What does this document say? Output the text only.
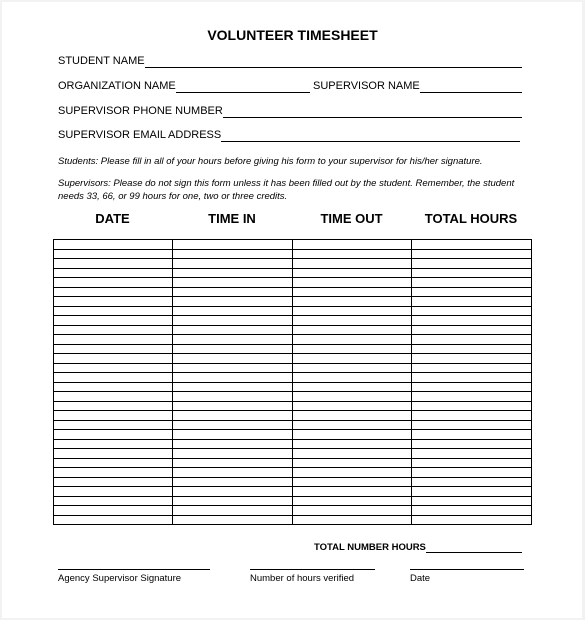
VOLUNTEER TIMESHEET
STUDENT NAME
ORGANIZATION NAME	SUPERVISOR NAME
SUPERVISOR PHONE NUMBER
SUPERVISOR EMAIL ADDRESS
Students: Please fill in all of your hours before giving his form to your supervisor for his/her signature.
Supervisors: Please do not sign this form unless it has been filled out by the student. Remember, the student needs 33, 66, or 99 hours for one, two or three credits.
DATE	TIME IN	TIME OUT	TOTAL HOURS

TOTAL NUMBER HOURS
Agency Supervisor Signature	Number of hours verified	Date
